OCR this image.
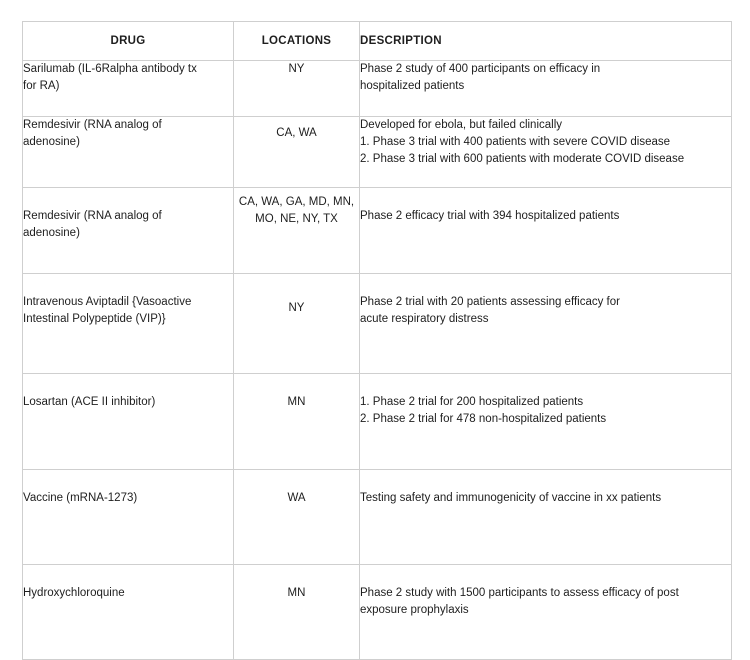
DRUG	LOCATIONS	DESCRIPTION

Sarilumab (IL-6Ralpha antibody tx
for RA)	NY	Phase 2 study of 400 participants on efficacy in
hospitalized patients

Remdesivir (RNA analog of
adenosine)	CA, WA	Developed for ebola, but failed clinically
1. Phase 3 trial with 400 patients with severe COVID disease
2. Phase 3 trial with 600 patients with moderate COVID disease

Remdesivir (RNA analog of
adenosine)	CA, WA, GA, MD, MN,
MO, NE, NY, TX	Phase 2 efficacy trial with 394 hospitalized patients

Intravenous Aviptadil {Vasoactive
Intestinal Polypeptide (VIP)}	NY	Phase 2 trial with 20 patients assessing efficacy for
acute respiratory distress

Losartan (ACE II inhibitor)	MN	1. Phase 2 trial for 200 hospitalized patients
2. Phase 2 trial for 478 non-hospitalized patients

Vaccine (mRNA-1273)	WA	Testing safety and immunogenicity of vaccine in xx patients

Hydroxychloroquine	MN	Phase 2 study with 1500 participants to assess efficacy of post
exposure prophylaxis
